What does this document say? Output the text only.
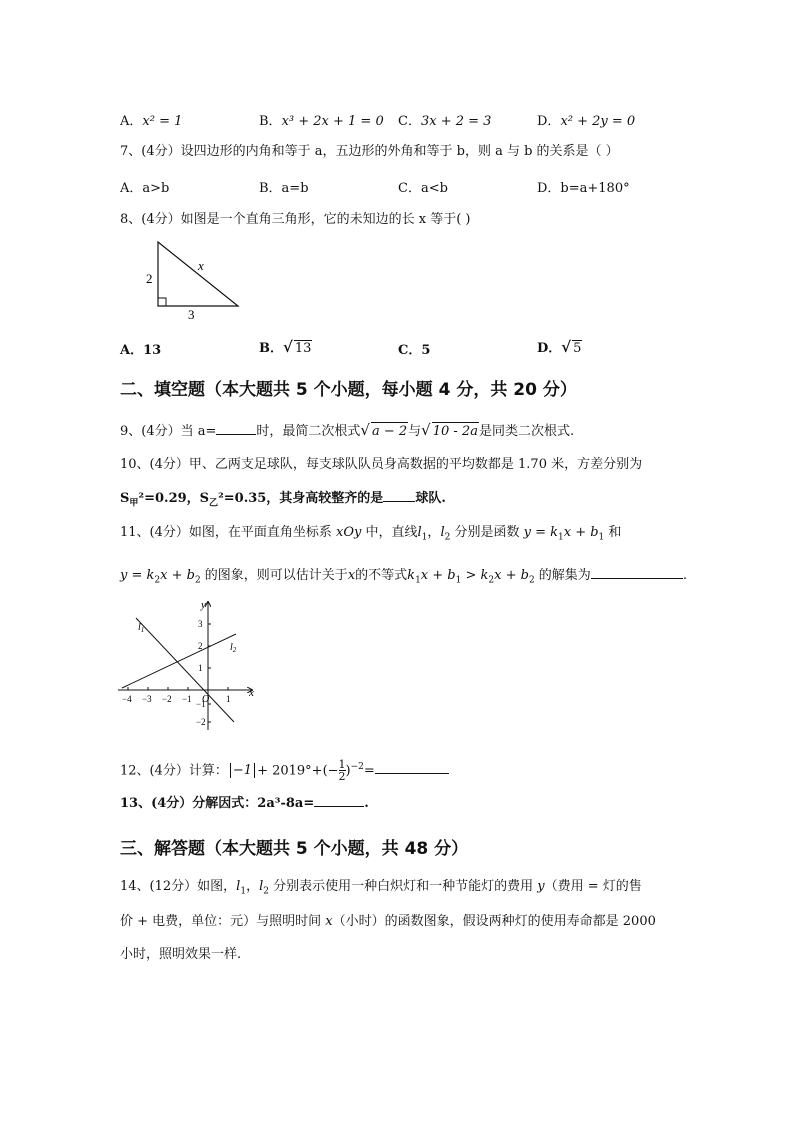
A．x² = 1	B．x³ + 2x + 1 = 0 C．3x + 2 = 3	D．x² + 2y = 0
7、(4分）设四边形的内角和等于 a，五边形的外角和等于 b，则 a 与 b 的关系是（ ）
A．a>b	B．a=b	C．a<b	D．b=a+180°
8、(4分）如图是一个直角三角形，它的未知边的长 x 等于( )
2
3
x
A．13	B．√ 13	C．5	D．√ 5
二、填空题（本大题共 5 个小题，每小题 4 分，共 20 分）
9、(4分）当 a=	时，最简二次根式√ a − 2与√ 10 - 2a是同类二次根式.
10、(4分）甲、乙两支足球队，每支球队队员身高数据的平均数都是 1.70 米，方差分别为
$S_甲^2=0.29$，$S_乙^2=0.35$，其身高较整齐的是 球队.
11、(4分）如图，在平面直角坐标系 xOy 中，直线$l_1$，$l_2$ 分别是函数 $y = k_1x + b_1$ 和
$y = k_2x + b_2$ 的图象，则可以估计关于x的不等式$k_1x + b_1 > k_2x + b_2$ 的解集为	.
y
x
O
$l_1$
$l_2$
−4 −3 −2 −1	1
3
2
1
−1
−2
12、(4分）计算： $-1 + 2019^\circ+(- \frac{1}{2} )^{-2}=$
13、(4分）分解因式：2a³-8a=	.
三、解答题（本大题共 5 个小题，共 48 分）
14、(12分）如图，$l_1$，$l_2$ 分别表示使用一种白炽灯和一种节能灯的费用 y（费用 = 灯的售
价 + 电费，单位：元）与照明时间 x（小时）的函数图象，假设两种灯的使用寿命都是 2000
小时，照明效果一样.
